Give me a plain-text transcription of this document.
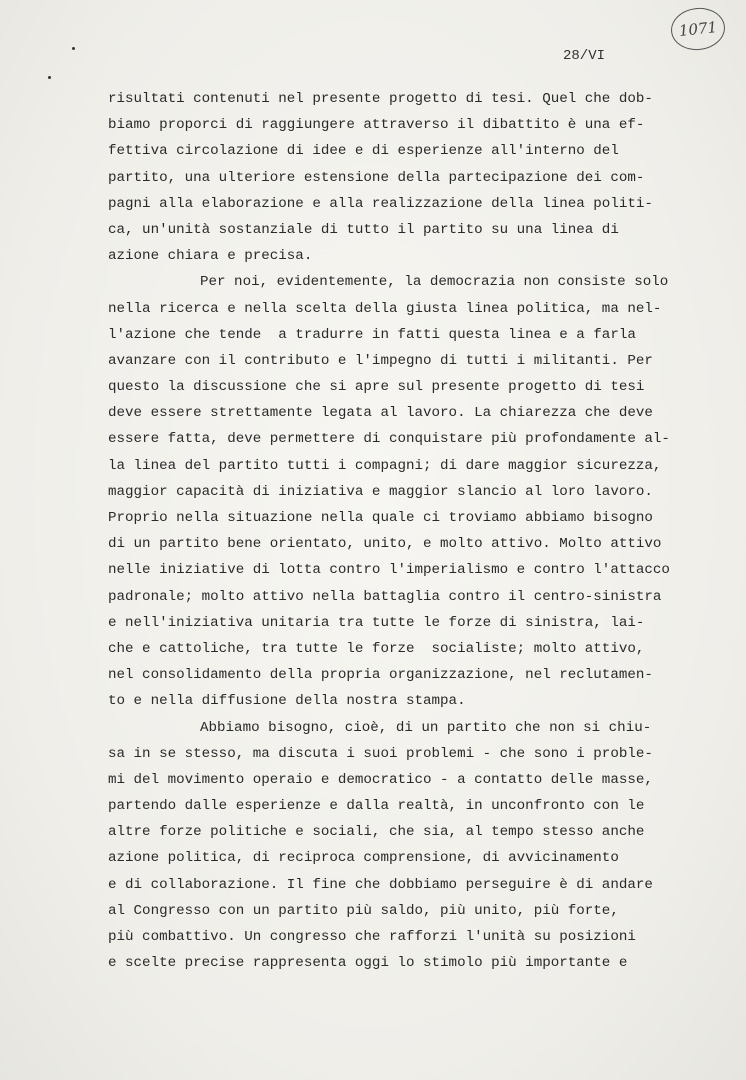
1071
28/VI
risultati contenuti nel presente progetto di tesi. Quel che dob-
biamo proporci di raggiungere attraverso il dibattito è una ef-
fettiva circolazione di idee e di esperienze all'interno del
partito, una ulteriore estensione della partecipazione dei com-
pagni alla elaborazione e alla realizzazione della linea politi-
ca, un'unità sostanziale di tutto il partito su una linea di
azione chiara e precisa.
Per noi, evidentemente, la democrazia non consiste solo
nella ricerca e nella scelta della giusta linea politica, ma nel-
l'azione che tende  a tradurre in fatti questa linea e a farla
avanzare con il contributo e l'impegno di tutti i militanti. Per
questo la discussione che si apre sul presente progetto di tesi
deve essere strettamente legata al lavoro. La chiarezza che deve
essere fatta, deve permettere di conquistare più profondamente al-
la linea del partito tutti i compagni; di dare maggior sicurezza,
maggior capacità di iniziativa e maggior slancio al loro lavoro.
Proprio nella situazione nella quale ci troviamo abbiamo bisogno
di un partito bene orientato, unito, e molto attivo. Molto attivo
nelle iniziative di lotta contro l'imperialismo e contro l'attacco
padronale; molto attivo nella battaglia contro il centro-sinistra
e nell'iniziativa unitaria tra tutte le forze di sinistra, lai-
che e cattoliche, tra tutte le forze  socialiste; molto attivo,
nel consolidamento della propria organizzazione, nel reclutamen-
to e nella diffusione della nostra stampa.
Abbiamo bisogno, cioè, di un partito che non si chiu-
sa in se stesso, ma discuta i suoi problemi - che sono i proble-
mi del movimento operaio e democratico - a contatto delle masse,
partendo dalle esperienze e dalla realtà, in unconfronto con le
altre forze politiche e sociali, che sia, al tempo stesso anche
azione politica, di reciproca comprensione, di avvicinamento
e di collaborazione. Il fine che dobbiamo perseguire è di andare
al Congresso con un partito più saldo, più unito, più forte,
più combattivo. Un congresso che rafforzi l'unità su posizioni
e scelte precise rappresenta oggi lo stimolo più importante e
